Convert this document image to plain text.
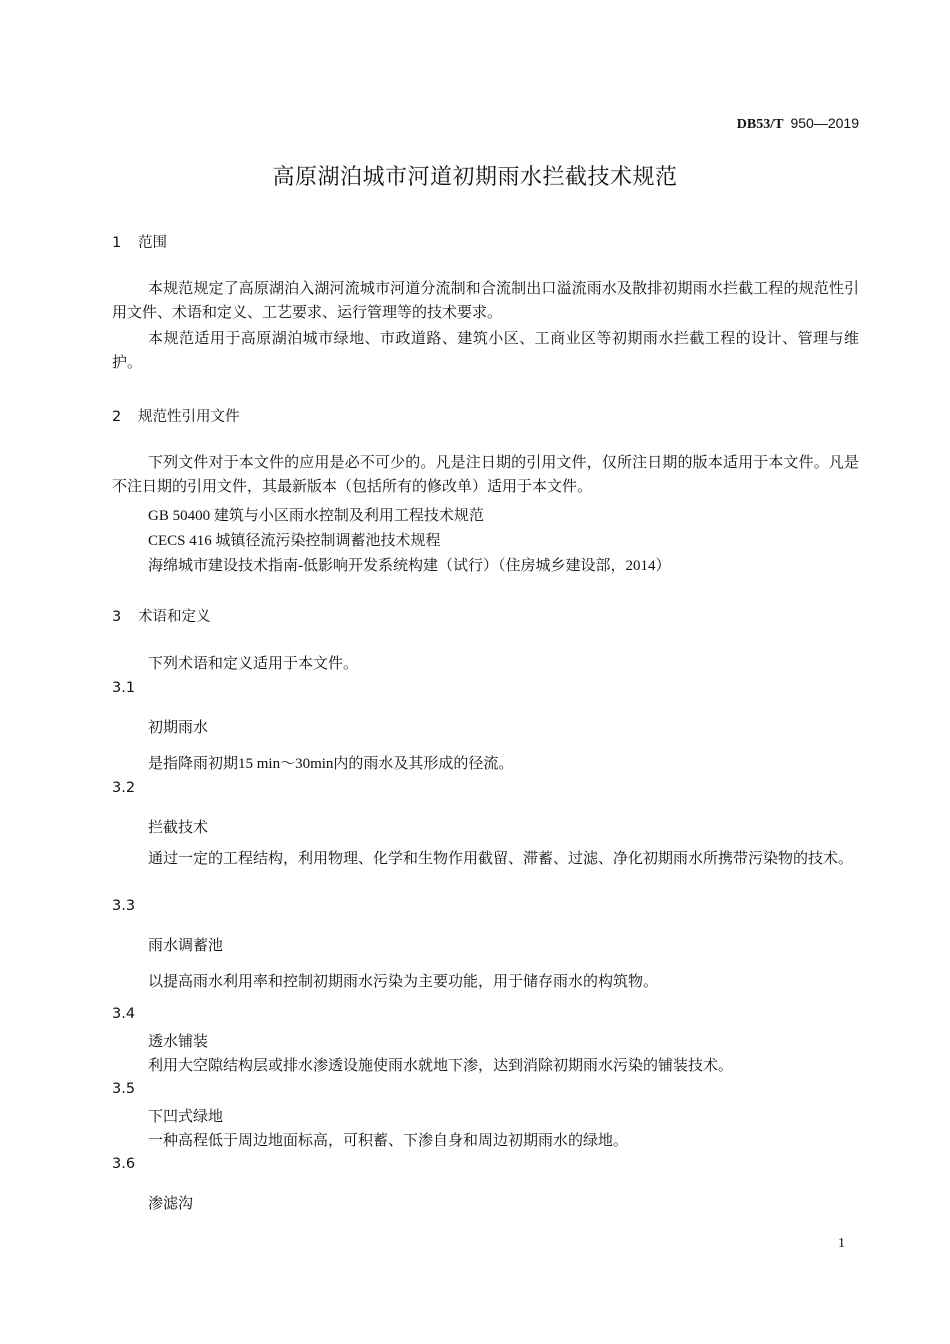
DB53/T 950—2019
高原湖泊城市河道初期雨水拦截技术规范
1 范围
本规范规定了高原湖泊入湖河流城市河道分流制和合流制出口溢流雨水及散排初期雨水拦截工程的规范性引用文件、术语和定义、工艺要求、运行管理等的技术要求。
本规范适用于高原湖泊城市绿地、市政道路、建筑小区、工商业区等初期雨水拦截工程的设计、管理与维护。
2 规范性引用文件
下列文件对于本文件的应用是必不可少的。凡是注日期的引用文件，仅所注日期的版本适用于本文件。凡是不注日期的引用文件，其最新版本（包括所有的修改单）适用于本文件。
GB 50400 建筑与小区雨水控制及利用工程技术规范
CECS 416 城镇径流污染控制调蓄池技术规程
海绵城市建设技术指南-低影响开发系统构建（试行）（住房城乡建设部，2014）
3 术语和定义
下列术语和定义适用于本文件。
3.1
初期雨水
是指降雨初期15 min～30min内的雨水及其形成的径流。
3.2
拦截技术
通过一定的工程结构，利用物理、化学和生物作用截留、滞蓄、过滤、净化初期雨水所携带污染物的技术。
3.3
雨水调蓄池
以提高雨水利用率和控制初期雨水污染为主要功能，用于储存雨水的构筑物。
3.4
透水铺装
利用大空隙结构层或排水渗透设施使雨水就地下渗，达到消除初期雨水污染的铺装技术。
3.5
下凹式绿地
一种高程低于周边地面标高，可积蓄、下渗自身和周边初期雨水的绿地。
3.6
渗滤沟
1
